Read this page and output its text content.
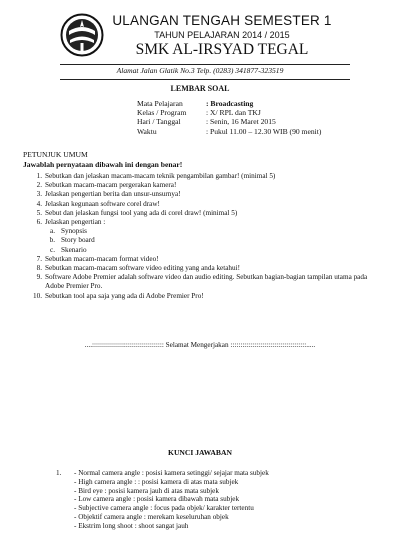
ULANGAN TENGAH SEMESTER 1
TAHUN PELAJARAN 2014 / 2015
SMK AL-IRSYAD TEGAL
Alamat Jalan Glatik No.3 Telp. (0283) 341877-323519
LEMBAR SOAL
Mata Pelajaran	: Broadcasting
Kelas / Program	: X/ RPL dan TKJ
Hari / Tanggal	: Senin, 16 Maret 2015
Waktu	: Pukul 11.00 – 12.30 WIB (90 menit)
PETUNJUK UMUM
Jawablah pernyataan dibawah ini dengan benar!
1. Sebutkan dan jelaskan macam-macam teknik pengambilan gambar! (minimal 5)
2. Sebutkan macam-macam pergerakan kamera!
3. Jelaskan pengertian berita dan unsur-unsurnya!
4. Jelaskan kegunaan software corel draw!
5. Sebut dan jelaskan fungsi tool yang ada di corel draw! (minimal 5)
6. Jelaskan pengertian :
a. Synopsis
b. Story board
c. Skenario
7. Sebutkan macam-macam format video!
8. Sebutkan macam-macam software video editing yang anda ketahui!
9. Software Adobe Premier adalah software video dan audio editing. Sebutkan bagian-bagian tampilan utama pada Adobe Premier Pro.
10. Sebutkan tool apa saja yang ada di Adobe Premier Pro!
....:::::::::::::::::::::::::::::::::::: Selamat Mengerjakan ::::::::::::::::::::::::::::::::::::::.....
KUNCI JAWABAN
1.	- Normal camera angle : posisi kamera setinggi/ sejajar mata subjek
- High camera angle : : posisi kamera di atas mata subjek
- Bird eye : posisi kamera jauh di atas mata subjek
- Low camera angle : posisi kamera dibawah mata subjek
- Subjective camera angle : focus pada objek/ karakter tertentu
- Objektif camera angle : merekam keseluruhan objek
- Ekstrim long shoot : shoot sangat jauh
